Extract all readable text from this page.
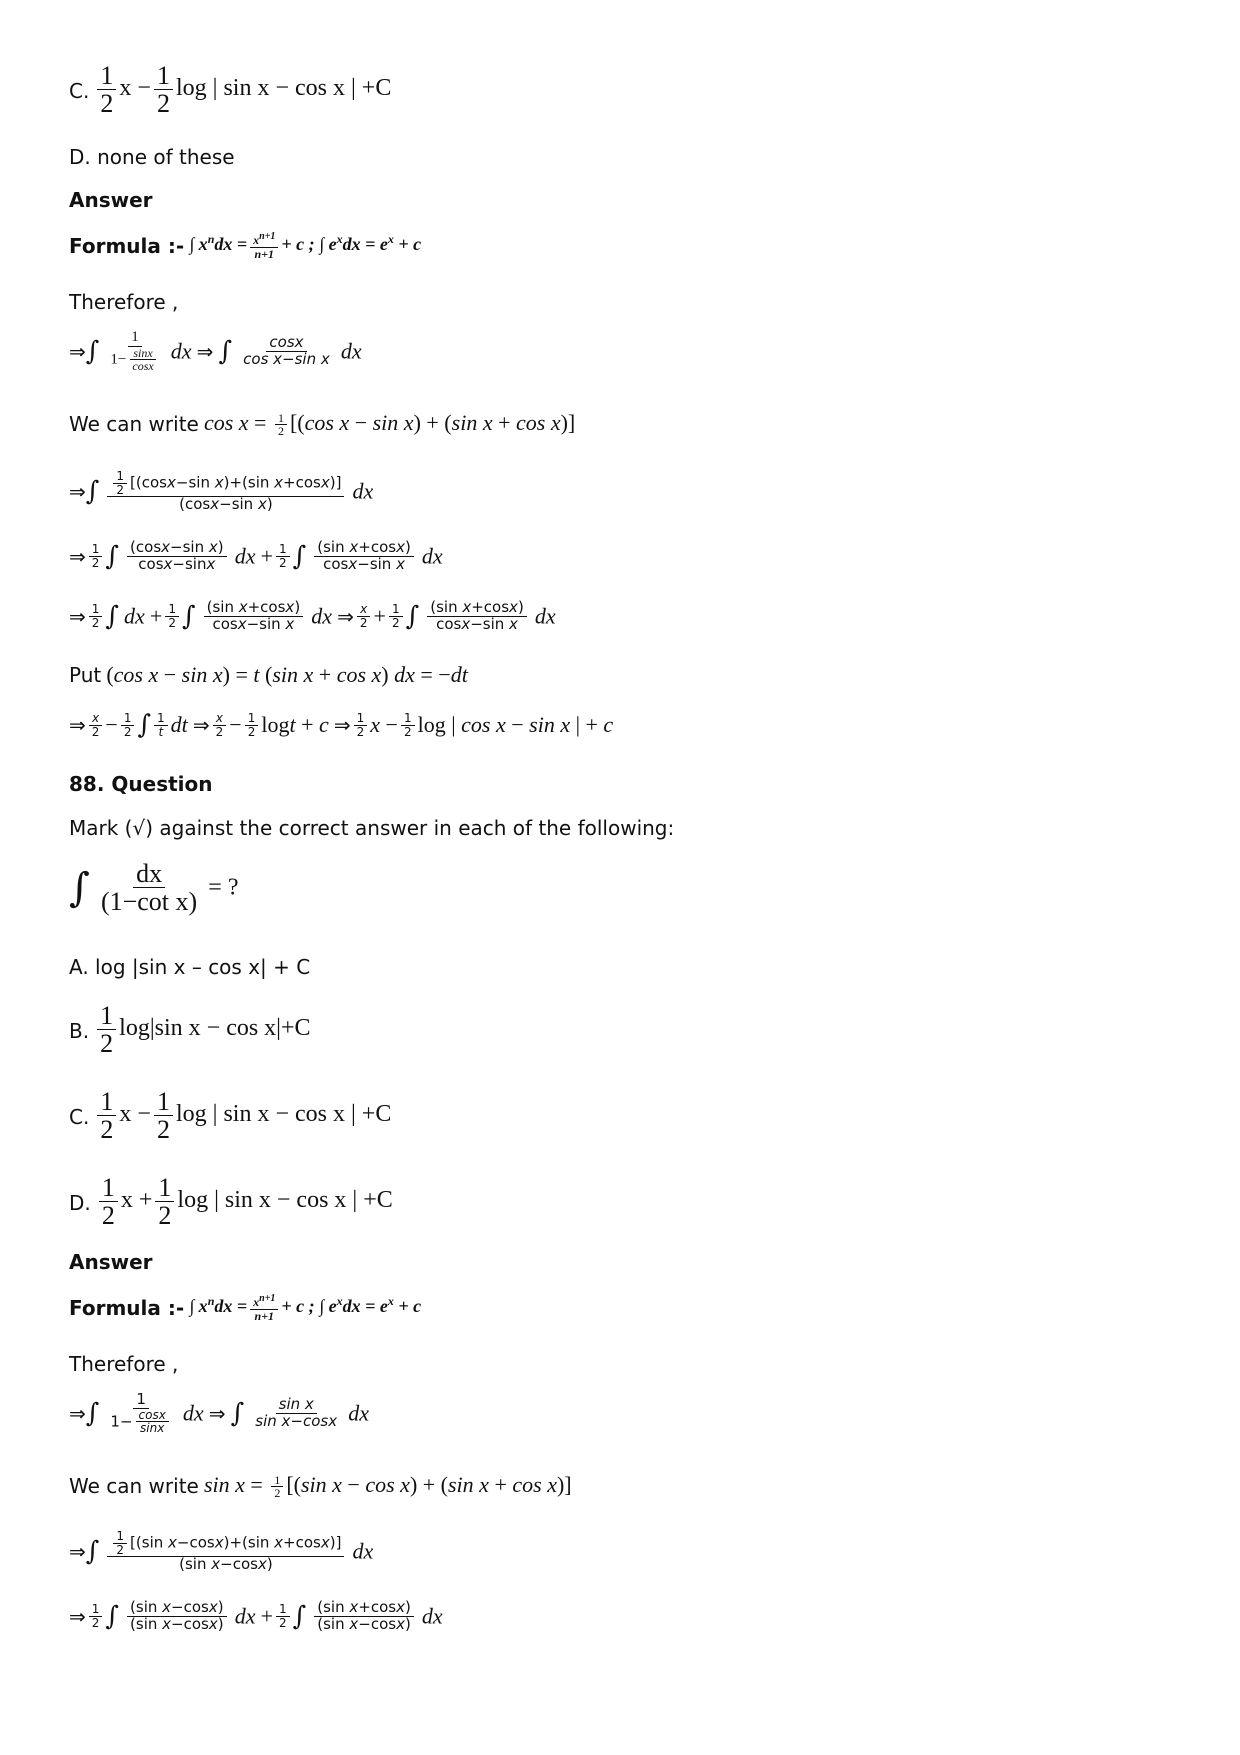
C. $\frac{1}{2}$ $x - \frac{1}{2}$ log | sin x − cos x | +C
D. none of these
Answer
Formula :- ∫ $x^ndx = \frac{x^{n+1}}{n+1} + c$ ; ∫ $e^xdx = e^x + c$
Therefore ,
⇒∫ $\frac{1}{1- \frac{\sin x}{\cos x}}$ dx ⇒ ∫ $\frac{\cos x}{\text{cos x−sin x}}$ dx
We can write $\cos x = \frac{1}{2} [(\cos$ x − sin x) + (sin x + cos x)]
⇒∫ $\frac{\frac{1}{2} [(\cos x-\sin x)+(\sin x+\cos x)]}{\text{(cosx−sin x)}}$ dx
⇒ $\frac{1}{2}$ ∫ $\frac{\text{(cosx−sin x)}}{\cos x-\sin x}$ dx + $\frac{1}{2}$ ∫ $\frac{\text{(sin x+cosx)}}{\text{cosx−sin x}}$ dx
⇒ $\frac{1}{2}$ ∫ dx + $\frac{1}{2}$ ∫ $\frac{\text{(sin x+cosx)}}{\text{cosx−sin x}}$ dx ⇒ $\frac{x}{2} + \frac{1}{2}$ ∫ $\frac{\text{(sin x+cosx)}}{\text{cosx−sin x}}$ dx
Put (cos x − sin x) = t (sin x + cos x) dx = −dt
⇒ $\frac{x}{2} - \frac{1}{2}$ ∫ $\frac{1}{t}$ dt ⇒ $\frac{x}{2} - \frac{1}{2}$ logt + c ⇒ $\frac{1}{2}$ $x - \frac{1}{2}$ log | cos x − sin x | + c
88. Question
Mark (√) against the correct answer in each of the following:
∫ $\frac{dx}{\text{(1−cot x)}}$ = ?
A. log |sin x – cos x| + C
B. $\frac{1}{2} \log|\sin$ x − cos x|+C
C. $\frac{1}{2}$ $x - \frac{1}{2}$ log | sin x − cos x | +C
D. $\frac{1}{2}$ $x + \frac{1}{2}$ log | sin x − cos x | +C
Answer
Formula :- ∫ $x^ndx = \frac{x^{n+1}}{n+1} + c$ ; ∫ $e^xdx = e^x + c$
Therefore ,
⇒∫ $\frac{1}{1- \frac{\cos x}{\sin x}}$ dx ⇒ ∫ $\frac{\text{sin x}}{\text{sin x−cosx}}$ dx
We can write $\sin x = \frac{1}{2} [(\sin$ x − cos x) + (sin x + cos x)]
⇒∫ $\frac{\frac{1}{2} [(\sin x-\cos x)+(\sin x+\cos x)]}{\text{(sin x−cosx)}}$ dx
⇒ $\frac{1}{2}$ ∫ $\frac{\text{(sin x−cosx)}}{\text{(sin x−cosx)}}$ dx + $\frac{1}{2}$ ∫ $\frac{\text{(sin x+cosx)}}{\text{(sin x−cosx)}}$ dx
